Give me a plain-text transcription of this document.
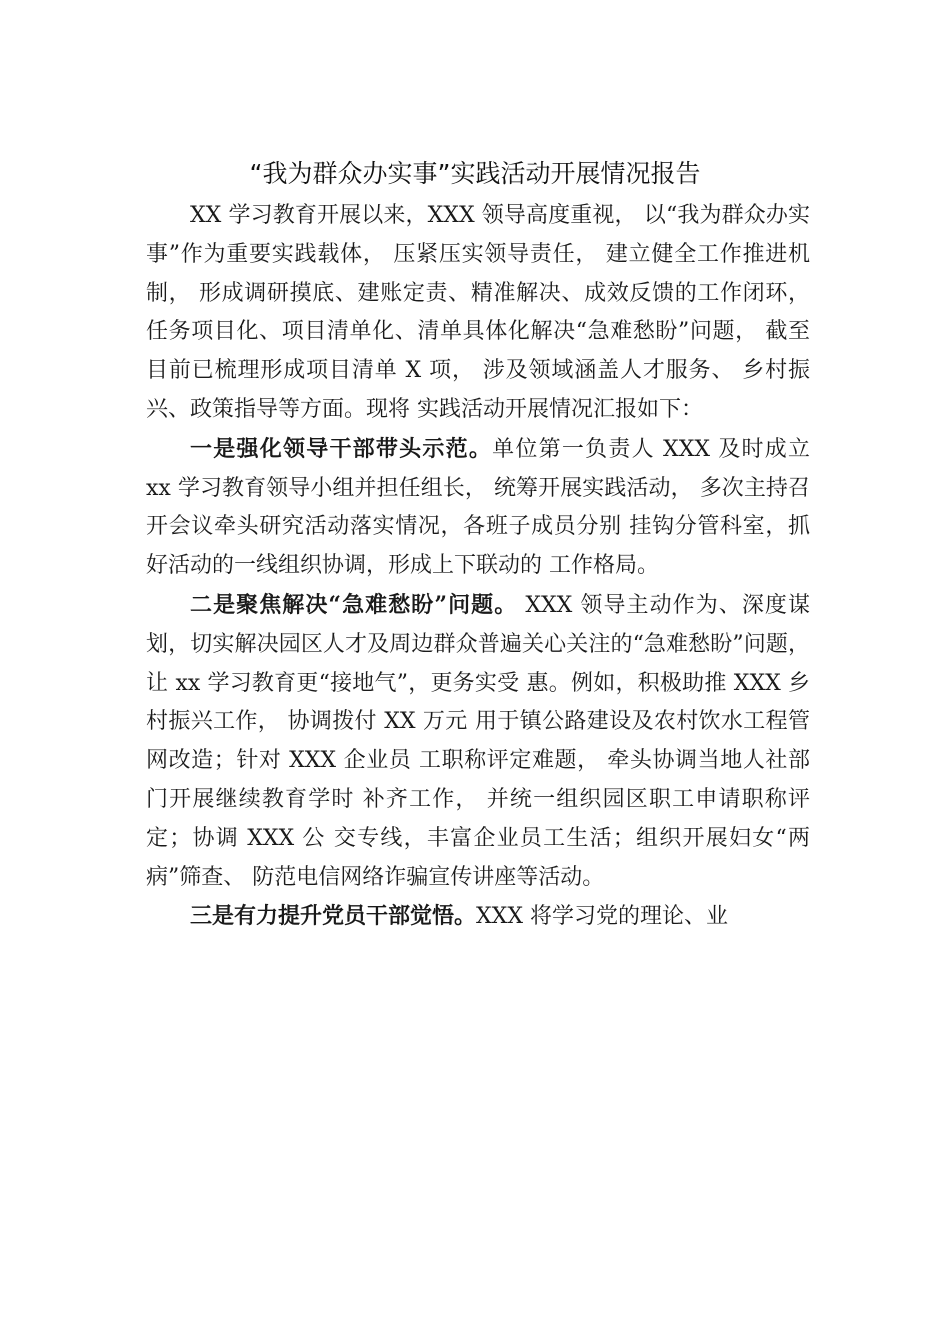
“我为群众办实事”实践活动开展情况报告

XX 学习教育开展以来，XXX 领导高度重视， 以“我为群众办实事”作为重要实践载体， 压紧压实领导责任， 建立健全工作推进机制， 形成调研摸底、建账定责、精准解决、成效反馈的工作闭环， 任务项目化、项目清单化、清单具体化解决“急难愁盼”问题， 截至目前已梳理形成项目清单 X 项， 涉及领域涵盖人才服务、 乡村振兴、政策指导等方面。现将 实践活动开展情况汇报如下：

一是强化领导干部带头示范。单位第一负责人 XXX 及时成立 xx 学习教育领导小组并担任组长， 统筹开展实践活动， 多次主持召开会议牵头研究活动落实情况，各班子成员分别 挂钩分管科室，抓好活动的一线组织协调，形成上下联动的 工作格局。

二是聚焦解决“急难愁盼”问题。 XXX 领导主动作为、深度谋划，切实解决园区人才及周边群众普遍关心关注的“急难愁盼”问题， 让 xx 学习教育更“接地气”，更务实受 惠。例如，积极助推 XXX 乡村振兴工作， 协调拨付 XX 万元 用于镇公路建设及农村饮水工程管网改造；针对 XXX 企业员 工职称评定难题， 牵头协调当地人社部门开展继续教育学时 补齐工作， 并统一组织园区职工申请职称评定；协调 XXX 公 交专线，丰富企业员工生活；组织开展妇女“两病”筛查、 防范电信网络诈骗宣传讲座等活动。

三是有力提升党员干部觉悟。XXX 将学习党的理论、业
